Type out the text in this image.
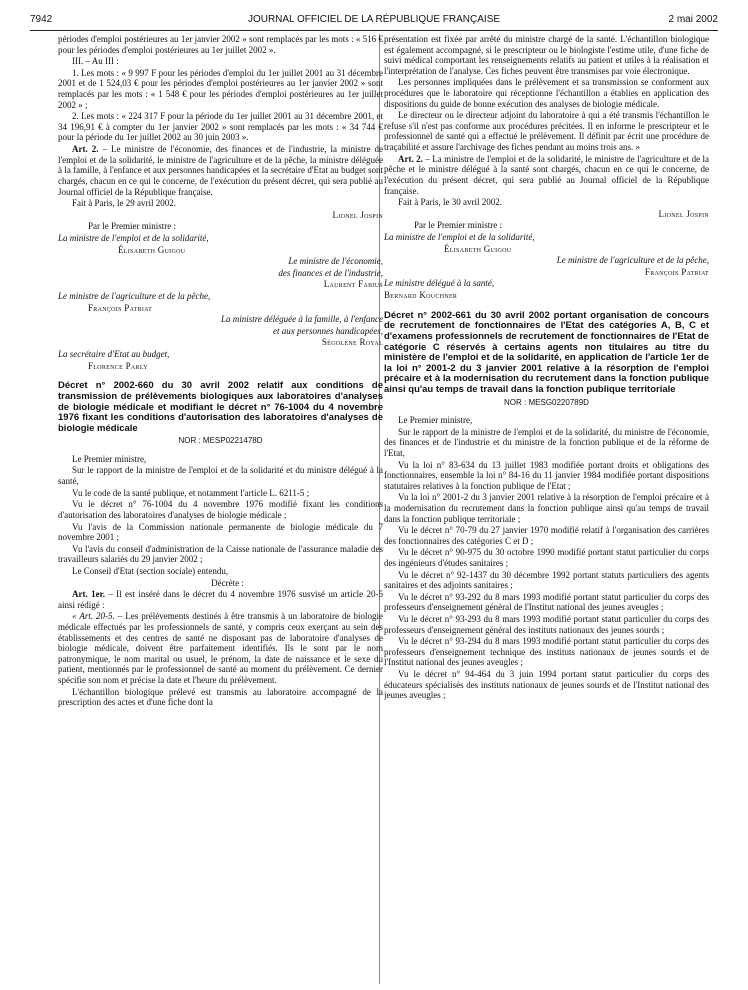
7942	JOURNAL OFFICIEL DE LA RÉPUBLIQUE FRANÇAISE	2 mai 2002

périodes d'emploi postérieures au 1er janvier 2002 » sont remplacés par les mots : « 516 € pour les périodes d'emploi postérieures au 1er juillet 2002 ».

III. – Au III :

1. Les mots : « 9 997 F pour les périodes d'emploi du 1er juillet 2001 au 31 décembre 2001 et de 1 524,03 € pour les périodes d'emploi postérieures au 1er janvier 2002 » sont remplacés par les mots : « 1 548 € pour les périodes d'emploi postérieures au 1er juillet 2002 » ;

2. Les mots : « 224 317 F pour la période du 1er juillet 2001 au 31 décembre 2001, et 34 196,91 € à compter du 1er janvier 2002 » sont remplacés par les mots : « 34 744 € pour la période du 1er juillet 2002 au 30 juin 2003 ».

Art. 2. – Le ministre de l'économie, des finances et de l'industrie, la ministre de l'emploi et de la solidarité, le ministre de l'agriculture et de la pêche, la ministre déléguée à la famille, à l'enfance et aux personnes handicapées et la secrétaire d'Etat au budget sont chargés, chacun en ce qui le concerne, de l'exécution du présent décret, qui sera publié au Journal officiel de la République française.

Fait à Paris, le 29 avril 2002.

Lionel Jospin

Par le Premier ministre :

La ministre de l'emploi et de la solidarité,

Élisabeth Guigou

Le ministre de l'économie,

des finances et de l'industrie,

Laurent Fabius

Le ministre de l'agriculture et de la pêche,

François Patriat

La ministre déléguée à la famille, à l'enfance

et aux personnes handicapées,

Ségolène Royal

La secrétaire d'Etat au budget,

Florence Parly

Décret n° 2002-660 du 30 avril 2002 relatif aux conditions de transmission de prélèvements biologiques aux laboratoires d'analyses de biologie médicale et modifiant le décret n° 76-1004 du 4 novembre 1976 fixant les conditions d'autorisation des laboratoires d'analyses de biologie médicale

NOR : MESP0221478D

Le Premier ministre,

Sur le rapport de la ministre de l'emploi et de la solidarité et du ministre délégué à la santé,

Vu le code de la santé publique, et notamment l'article L. 6211-5 ;

Vu le décret n° 76-1004 du 4 novembre 1976 modifié fixant les conditions d'autorisation des laboratoires d'analyses de biologie médicale ;

Vu l'avis de la Commission nationale permanente de biologie médicale du 7 novembre 2001 ;

Vu l'avis du conseil d'administration de la Caisse nationale de l'assurance maladie des travailleurs salariés du 29 janvier 2002 ;

Le Conseil d'Etat (section sociale) entendu,

Décrète :

Art. 1er. – Il est inséré dans le décret du 4 novembre 1976 susvisé un article 20-5 ainsi rédigé :

« Art. 20-5. – Les prélèvements destinés à être transmis à un laboratoire de biologie médicale effectués par les professionnels de santé, y compris ceux exerçant au sein des établissements et des centres de santé ne disposant pas de laboratoire d'analyses de biologie médicale, doivent être parfaitement identifiés. Ils le sont par le nom patronymique, le nom marital ou usuel, le prénom, la date de naissance et le sexe du patient, mentionnés par le professionnel de santé au moment du prélèvement. Ce dernier spécifie son nom et précise la date et l'heure du prélèvement.

L'échantillon biologique prélevé est transmis au laboratoire accompagné de la prescription des actes et d'une fiche dont la

présentation est fixée par arrêté du ministre chargé de la santé. L'échantillon biologique est également accompagné, si le prescripteur ou le biologiste l'estime utile, d'une fiche de suivi médical comportant les renseignements relatifs au patient et utiles à la réalisation et l'interprétation de l'analyse. Ces fiches peuvent être transmises par voie électronique.

Les personnes impliquées dans le prélèvement et sa transmission se conforment aux procédures que le laboratoire qui réceptionne l'échantillon a établies en application des dispositions du guide de bonne exécution des analyses de biologie médicale.

Le directeur ou le directeur adjoint du laboratoire à qui a été transmis l'échantillon le refuse s'il n'est pas conforme aux procédures précitées. Il en informe le prescripteur et le professionnel de santé qui a effectué le prélèvement. Il définit par écrit une procédure de traçabilité et assure l'archivage des fiches pendant au moins trois ans. »

Art. 2. – La ministre de l'emploi et de la solidarité, le ministre de l'agriculture et de la pêche et le ministre délégué à la santé sont chargés, chacun en ce qui le concerne, de l'exécution du présent décret, qui sera publié au Journal officiel de la République française.

Fait à Paris, le 30 avril 2002.

Lionel Jospin

Par le Premier ministre :

La ministre de l'emploi et de la solidarité,

Élisabeth Guigou

Le ministre de l'agriculture et de la pêche,

François Patriat

Le ministre délégué à la santé,

Bernard Kouchner

Décret n° 2002-661 du 30 avril 2002 portant organisation de concours de recrutement de fonctionnaires de l'Etat des catégories A, B, C et d'examens professionnels de recrutement de fonctionnaires de l'Etat de catégorie C réservés à certains agents non titulaires au titre du ministère de l'emploi et de la solidarité, en application de l'article 1er de la loi n° 2001-2 du 3 janvier 2001 relative à la résorption de l'emploi précaire et à la modernisation du recrutement dans la fonction publique ainsi qu'au temps de travail dans la fonction publique territoriale

NOR : MESG0220789D

Le Premier ministre,

Sur le rapport de la ministre de l'emploi et de la solidarité, du ministre de l'économie, des finances et de l'industrie et du ministre de la fonction publique et de la réforme de l'Etat,

Vu la loi n° 83-634 du 13 juillet 1983 modifiée portant droits et obligations des fonctionnaires, ensemble la loi n° 84-16 du 11 janvier 1984 modifiée portant dispositions statutaires relatives à la fonction publique de l'Etat ;

Vu la loi n° 2001-2 du 3 janvier 2001 relative à la résorption de l'emploi précaire et à la modernisation du recrutement dans la fonction publique ainsi qu'au temps de travail dans la fonction publique territoriale ;

Vu le décret n° 70-79 du 27 janvier 1970 modifié relatif à l'organisation des carrières des fonctionnaires des catégories C et D ;

Vu le décret n° 90-975 du 30 octobre 1990 modifié portant statut particulier du corps des ingénieurs d'études sanitaires ;

Vu le décret n° 92-1437 du 30 décembre 1992 portant statuts particuliers des agents sanitaires et des adjoints sanitaires ;

Vu le décret n° 93-292 du 8 mars 1993 modifié portant statut particulier du corps des professeurs d'enseignement général de l'Institut national des jeunes aveugles ;

Vu le décret n° 93-293 du 8 mars 1993 modifié portant statut particulier du corps des professeurs d'enseignement général des instituts nationaux des jeunes sourds ;

Vu le décret n° 93-294 du 8 mars 1993 modifié portant statut particulier du corps des professeurs d'enseignement technique des instituts nationaux de jeunes sourds et de l'Institut national des jeunes aveugles ;

Vu le décret n° 94-464 du 3 juin 1994 portant statut particulier du corps des éducateurs spécialisés des instituts nationaux de jeunes sourds et de l'Institut national des jeunes aveugles ;
